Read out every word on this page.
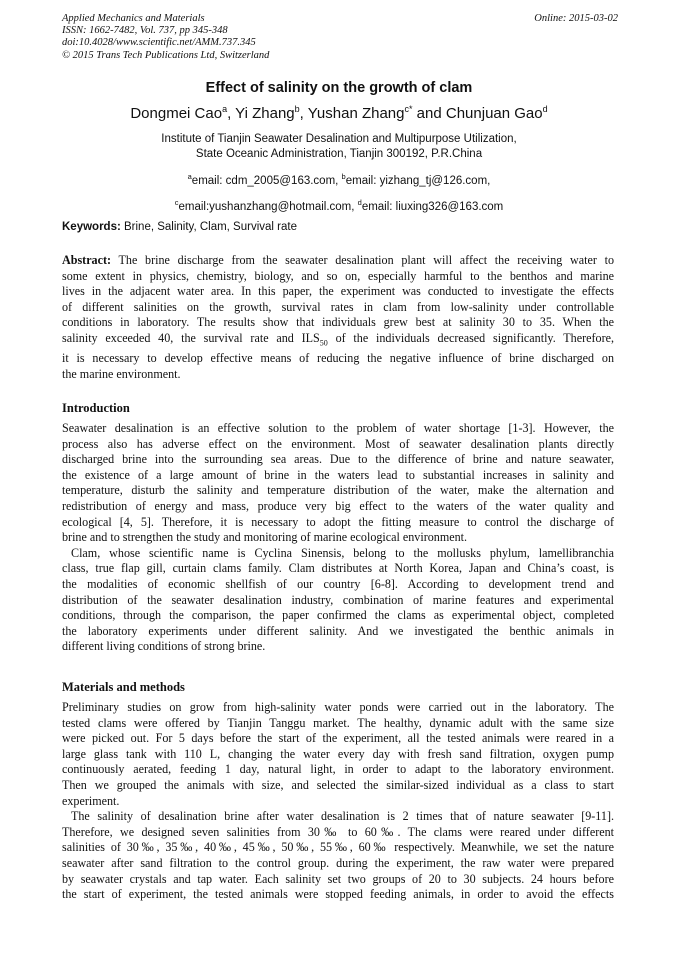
Applied Mechanics and Materials
ISSN: 1662-7482, Vol. 737, pp 345-348
doi:10.4028/www.scientific.net/AMM.737.345
© 2015 Trans Tech Publications Ltd, Switzerland
Online: 2015-03-02
Effect of salinity on the growth of clam
Dongmei Cao$^a$, Yi Zhang$^b$, Yushan Zhang$^{c*}$ and Chunjuan Gao$^d$
Institute of Tianjin Seawater Desalination and Multipurpose Utilization,
State Oceanic Administration, Tianjin 300192, P.R.China
$^a$email: cdm_2005@163.com, $^b$email: yizhang_tj@126.com,
$^c$email:yushanzhang@hotmail.com, $^d$email: liuxing326@163.com
Keywords: Brine, Salinity, Clam, Survival rate
Abstract: The brine discharge from the seawater desalination plant will affect the receiving water to
some extent in physics, chemistry, biology, and so on, especially harmful to the benthos and marine
lives in the adjacent water area. In this paper, the experiment was conducted to investigate the effects
of different salinities on the growth, survival rates in clam from low-salinity under controllable
conditions in laboratory. The results show that individuals grew best at salinity 30 to 35. When the
salinity exceeded 40, the survival rate and $ILS_{50}$ of the individuals decreased significantly. Therefore,
it is necessary to develop effective means of reducing the negative influence of brine discharged on
the marine environment.
Introduction
Seawater desalination is an effective solution to the problem of water shortage [1-3]. However, the
process also has adverse effect on the environment. Most of seawater desalination plants directly
discharged brine into the surrounding sea areas. Due to the difference of brine and nature seawater,
the existence of a large amount of brine in the waters lead to substantial increases in salinity and
temperature, disturb the salinity and temperature distribution of the water, make the alternation and
redistribution of energy and mass, produce very big effect to the waters of the water quality and
ecological [4, 5]. Therefore, it is necessary to adopt the fitting measure to control the discharge of
brine and to strengthen the study and monitoring of marine ecological environment.
Clam, whose scientific name is Cyclina Sinensis, belong to the mollusks phylum, lamellibranchia
class, true flap gill, curtain clams family. Clam distributes at North Korea, Japan and China’s coast, is
the modalities of economic shellfish of our country [6-8]. According to development trend and
distribution of the seawater desalination industry, combination of marine features and experimental
conditions, through the comparison, the paper confirmed the clams as experimental object, completed
the laboratory experiments under different salinity. And we investigated the benthic animals in
different living conditions of strong brine.
Materials and methods
Preliminary studies on grow from high-salinity water ponds were carried out in the laboratory. The
tested clams were offered by Tianjin Tanggu market. The healthy, dynamic adult with the same size
were picked out. For 5 days before the start of the experiment, all the tested animals were reared in a
large glass tank with 110 L, changing the water every day with fresh sand filtration, oxygen pump
continuously aerated, feeding 1 day, natural light, in order to adapt to the laboratory environment.
Then we grouped the animals with size, and selected the similar-sized individual as a class to start
experiment.
The salinity of desalination brine after water desalination is 2 times that of nature seawater [9-11].
Therefore, we designed seven salinities from 30‰ to 60‰. The clams were reared under different
salinities of 30‰, 35‰, 40‰, 45‰, 50‰, 55‰, 60‰ respectively. Meanwhile, we set the nature
seawater after sand filtration to the control group. during the experiment, the raw water were prepared
by seawater crystals and tap water. Each salinity set two groups of 20 to 30 subjects. 24 hours before
the start of experiment, the tested animals were stopped feeding animals, in order to avoid the effects
